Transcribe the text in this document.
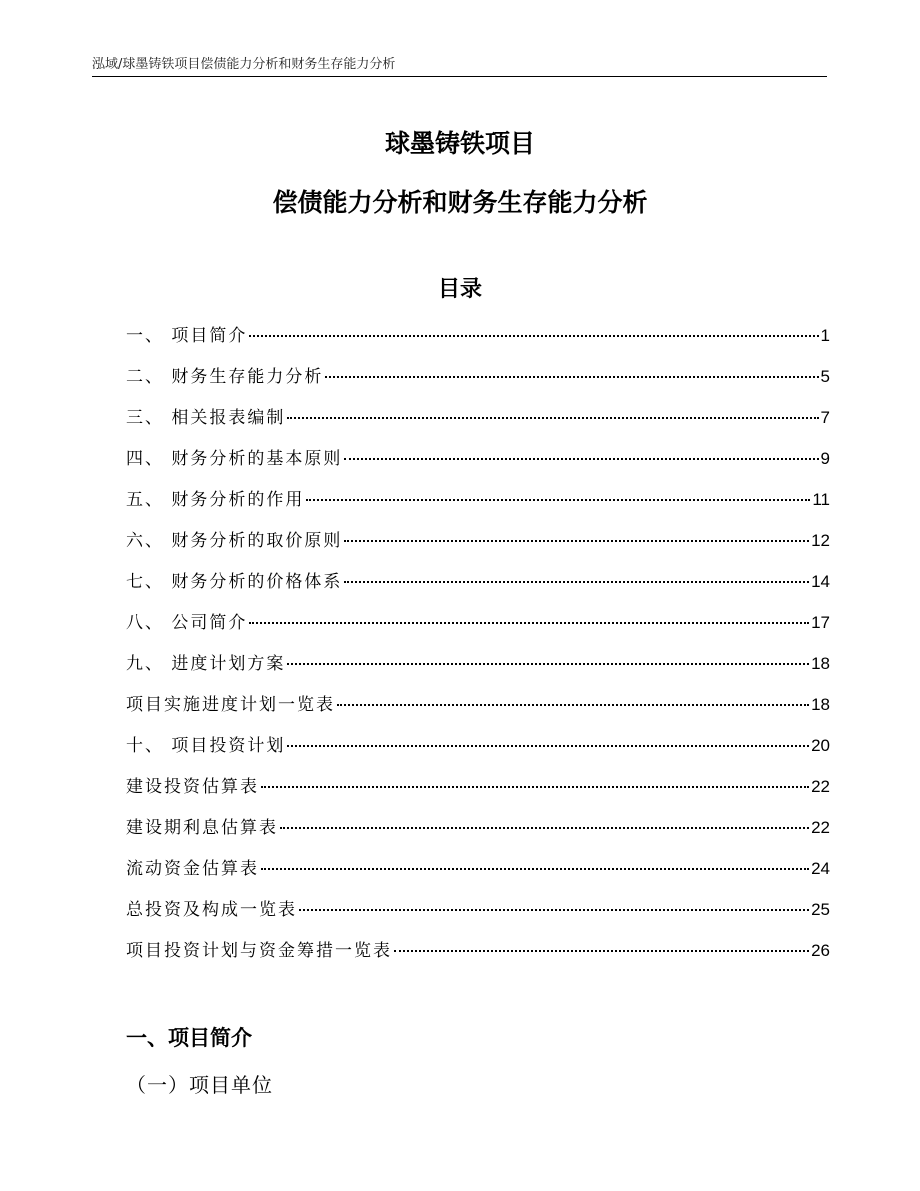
泓域/球墨铸铁项目偿债能力分析和财务生存能力分析
球墨铸铁项目
偿债能力分析和财务生存能力分析
目录
一、 项目简介	1
二、 财务生存能力分析	5
三、 相关报表编制	7
四、 财务分析的基本原则	9
五、 财务分析的作用	11
六、 财务分析的取价原则	12
七、 财务分析的价格体系	14
八、 公司简介	17
九、 进度计划方案	18
项目实施进度计划一览表	18
十、 项目投资计划	20
建设投资估算表	22
建设期利息估算表	22
流动资金估算表	24
总投资及构成一览表	25
项目投资计划与资金筹措一览表	26
一、项目简介
（一）项目单位
